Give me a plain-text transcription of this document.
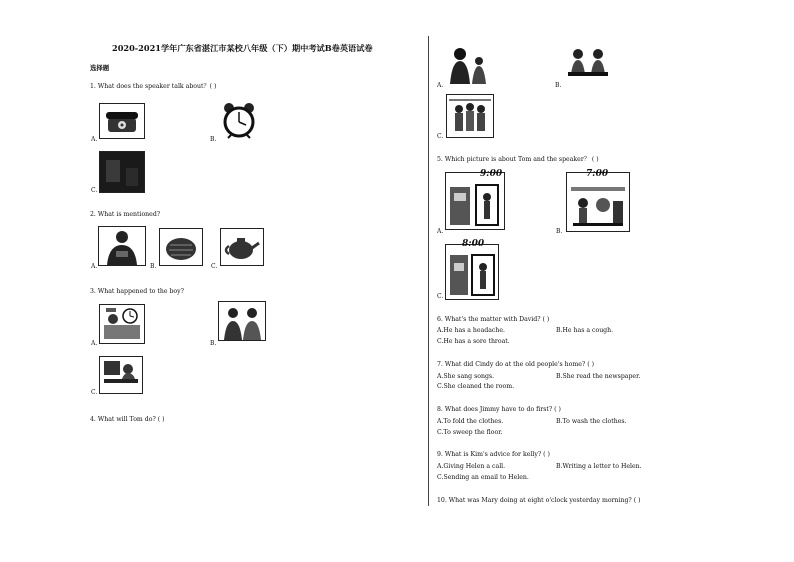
2020-2021学年广东省湛江市某校八年级（下）期中考试B卷英语试卷
选择题
1. What does the speaker talk about？( )
A.	B.
C.
2. What is mentioned?
A.	B.	C.
3. What happened to the boy?
A.	B.
C.
4. What will Tom do? ( )
A.	B.
C.
5. Which picture is about Tom and the speaker？ ( )
9:00
A.
7:00
B.
8:00
C.
6. What's the matter with David? ( )
A.He has a headache.	B.He has a cough.
C.He has a sore throat.
7. What did Cindy do at the old people's home? ( )
A.She sang songs.	B.She read the newspaper.
C.She cleaned the room.
8. What does Jimmy have to do first? ( )
A.To fold the clothes.	B.To wash the clothes.
C.To sweep the floor.
9. What is Kim's advice for kelly? ( )
A.Giving Helen a call.	B.Writing a letter to Helen.
C.Sending an email to Helen.
10. What was Mary doing at eight o'clock yesterday morning? ( )
